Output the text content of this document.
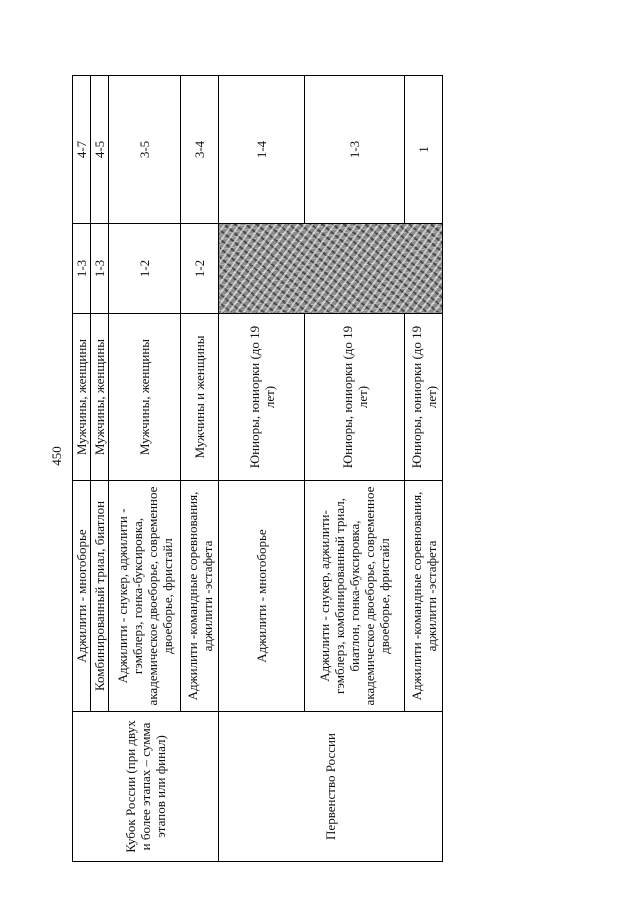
450
Кубок России (при двух и более этапах – сумма этапов или финал)	Аджилити - многоборье	Мужчины, женщины	1-3	4-7
	Комбинированный триал, биатлон	Мужчины, женщины	1-3	4-5
	Аджилити - снукер, аджилити - гэмблерз, гонка-буксировка, академическое двоеборье, современное двоеборье, фристайл	Мужчины, женщины	1-2	3-5
	Аджилити -командные соревнования, аджилити -эстафета	Мужчины и женщины	1-2	3-4
Первенство России	Аджилити - многоборье	Юниоры, юниорки (до 19 лет)		1-4
	Аджилити - снукер, аджилити-гэмблерз, комбинированный триал, биатлон, гонка-буксировка, академическое двоеборье, современное двоеборье, фристайл	Юниоры, юниорки (до 19 лет)		1-3
	Аджилити -командные соревнования, аджилити -эстафета	Юниоры, юниорки (до 19 лет)		1
